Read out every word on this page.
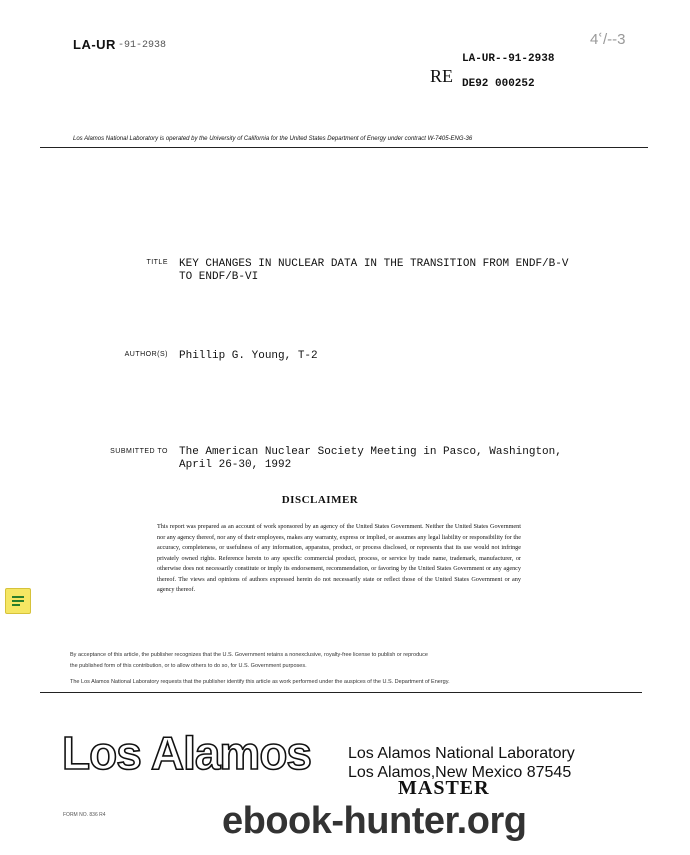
LA-UR -91-2938	4ՙ/--3
LA-UR--91-2938
RE DE92 000252
Los Alamos National Laboratory is operated by the University of California for the United States Department of Energy under contract W-7405-ENG-36
TITLE KEY CHANGES IN NUCLEAR DATA IN THE TRANSITION FROM ENDF/B-V
TO ENDF/B-VI
AUTHOR(S) Phillip G. Young, T-2
SUBMITTED TO The American Nuclear Society Meeting in Pasco, Washington,
April 26-30, 1992
DISCLAIMER
This report was prepared as an account of work sponsored by an agency of the United States Government. Neither the United States Government nor any agency thereof, nor any of their employees, makes any warranty, express or implied, or assumes any legal liability or responsibility for the accuracy, completeness, or usefulness of any information, apparatus, product, or process disclosed, or represents that its use would not infringe privately owned rights. Reference herein to any specific commercial product, process, or service by trade name, trademark, manufacturer, or otherwise does not necessarily constitute or imply its endorsement, recommendation, or favoring by the United States Government or any agency thereof. The views and opinions of authors expressed herein do not necessarily state or reflect those of the United States Government or any agency thereof.
By acceptance of this article, the publisher recognizes that the U.S. Government retains a nonexclusive, royalty-free license to publish or reproduce
the published form of this contribution, or to allow others to do so, for U.S. Government purposes.
The Los Alamos National Laboratory requests that the publisher identify this article as work performed under the auspices of the U.S. Department of Energy.
Los Alamos Los Alamos National Laboratory
Los Alamos,New Mexico 87545
MASTER
FORM NO. 836 R4	ebook-hunter.org
